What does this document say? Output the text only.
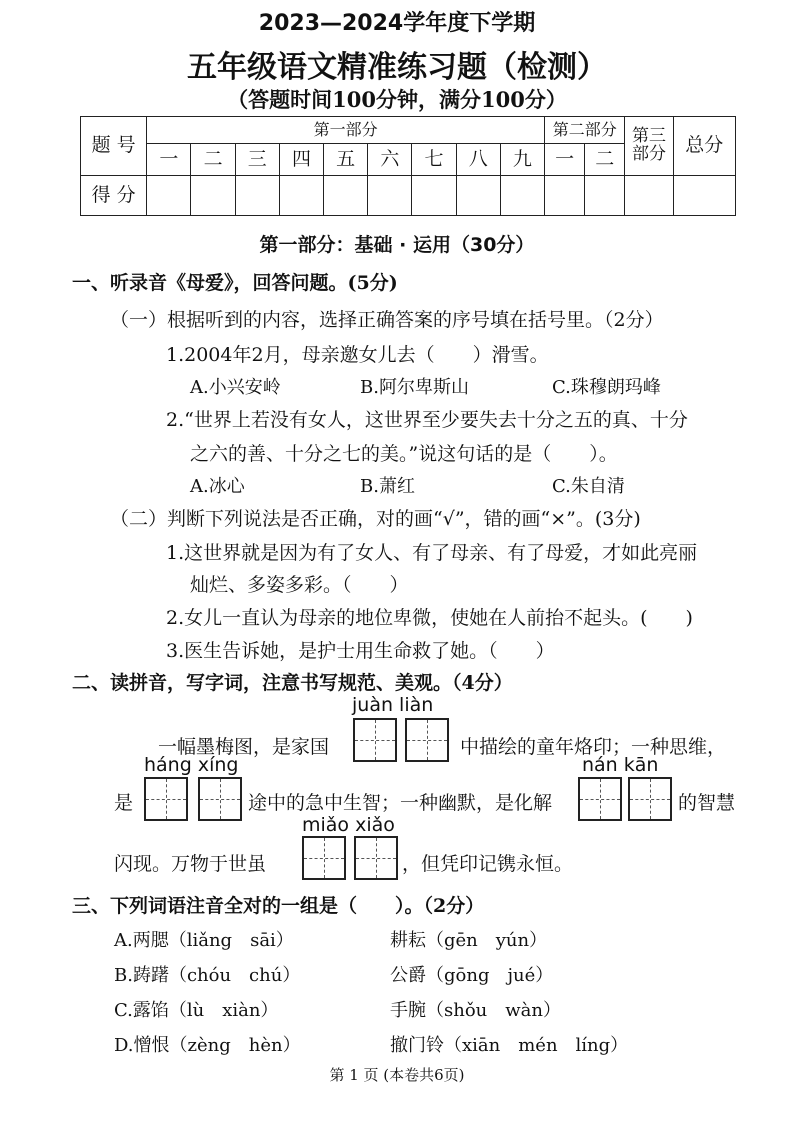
2023—2024学年度下学期
五年级语文精准练习题（检测）
（答题时间100分钟，满分100分）
题 号	第一部分									第二部分		第三部分	总分
	一	二	三	四	五	六	七	八	九	一	二		
得 分													
第一部分：基础 · 运用（30分）
一、听录音《母爱》，回答问题。(5分)
（一）根据听到的内容，选择正确答案的序号填在括号里。（2分）
1.2004年2月，母亲邀女儿去（　　）滑雪。
A.小兴安岭	B.阿尔卑斯山	C.珠穆朗玛峰
2.“世界上若没有女人，这世界至少要失去十分之五的真、十分
之六的善、十分之七的美。”说这句话的是（　　）。
A.冰心	B.萧红	C.朱自清
（二）判断下列说法是否正确，对的画“√”，错的画“×”。(3分)
1.这世界就是因为有了女人、有了母亲、有了母爱，才如此亮丽
灿烂、多姿多彩。（　　）
2.女儿一直认为母亲的地位卑微，使她在人前抬不起头。(　　)
3.医生告诉她，是护士用生命救了她。（　　）
二、读拼音，写字词，注意书写规范、美观。（4分）
juàn liàn
一幅墨梅图，是家国	中描绘的童年烙印；一种思维，
háng xíng	nán kān
是	途中的急中生智；一种幽默，是化解	的智慧
miǎo xiǎo
闪现。万物于世虽	，但凭印记镌永恒。
三、下列词语注音全对的一组是（　　）。（2分）
A.两腮（liǎng　sāi）	耕耘（gēn　yún）
B.踌躇（chóu　chú）	公爵（gōng　jué）
C.露馅（lù　xiàn）	手腕（shǒu　wàn）
D.憎恨（zèng　hèn）	撤门铃（xiān　mén　líng）
第 1 页 (本卷共6页)
